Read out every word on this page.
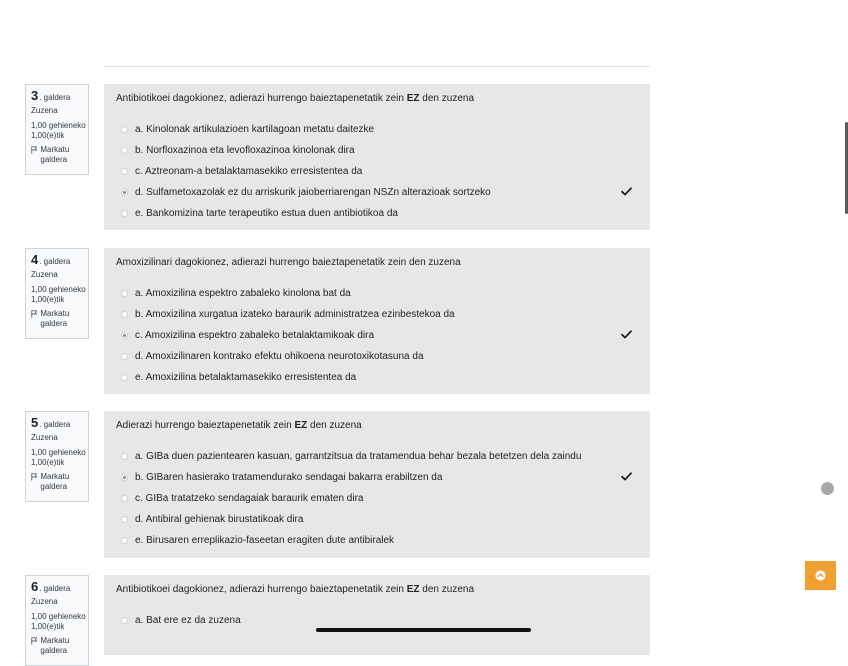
3 . galdera
Zuzena
1,00 gehieneko
1,00(e)tik
Markatu galdera
Antibiotikoei dagokionez, adierazi hurrengo baieztapenetatik zein EZ den zuzena
a. Kinolonak artikulazioen kartilagoan metatu daitezke
b. Norfloxazinoa eta levofloxazinoa kinolonak dira
c. Aztreonam-a betalaktamasekiko erresistentea da
d. Sulfametoxazolak ez du arriskurik jaioberriarengan NSZn alterazioak sortzeko
e. Bankomizina tarte terapeutiko estua duen antibiotikoa da
4 . galdera
Zuzena
1,00 gehieneko
1,00(e)tik
Markatu galdera
Amoxizilinari dagokionez, adierazi hurrengo baieztapenetatik zein den zuzena
a. Amoxizilina espektro zabaleko kinolona bat da
b. Amoxizilina xurgatua izateko baraurik administratzea ezinbestekoa da
c. Amoxizilina espektro zabaleko betalaktamikoak dira
d. Amoxizilinaren kontrako efektu ohikoena neurotoxikotasuna da
e. Amoxizilina betalaktamasekiko erresistentea da
5 . galdera
Zuzena
1,00 gehieneko
1,00(e)tik
Markatu galdera
Adierazi hurrengo baieztapenetatik zein EZ den zuzena
a. GIBa duen pazientearen kasuan, garrantzitsua da tratamendua behar bezala betetzen dela zaindu
b. GIBaren hasierako tratamendurako sendagai bakarra erabiltzen da
c. GIBa tratatzeko sendagaiak baraurik ematen dira
d. Antibiral gehienak birustatikoak dira
e. Birusaren erreplikazio-faseetan eragiten dute antibiralek
6 . galdera
Zuzena
1,00 gehieneko
1,00(e)tik
Markatu galdera
Antibiotikoei dagokionez, adierazi hurrengo baieztapenetatik zein EZ den zuzena
a. Bat ere ez da zuzena
